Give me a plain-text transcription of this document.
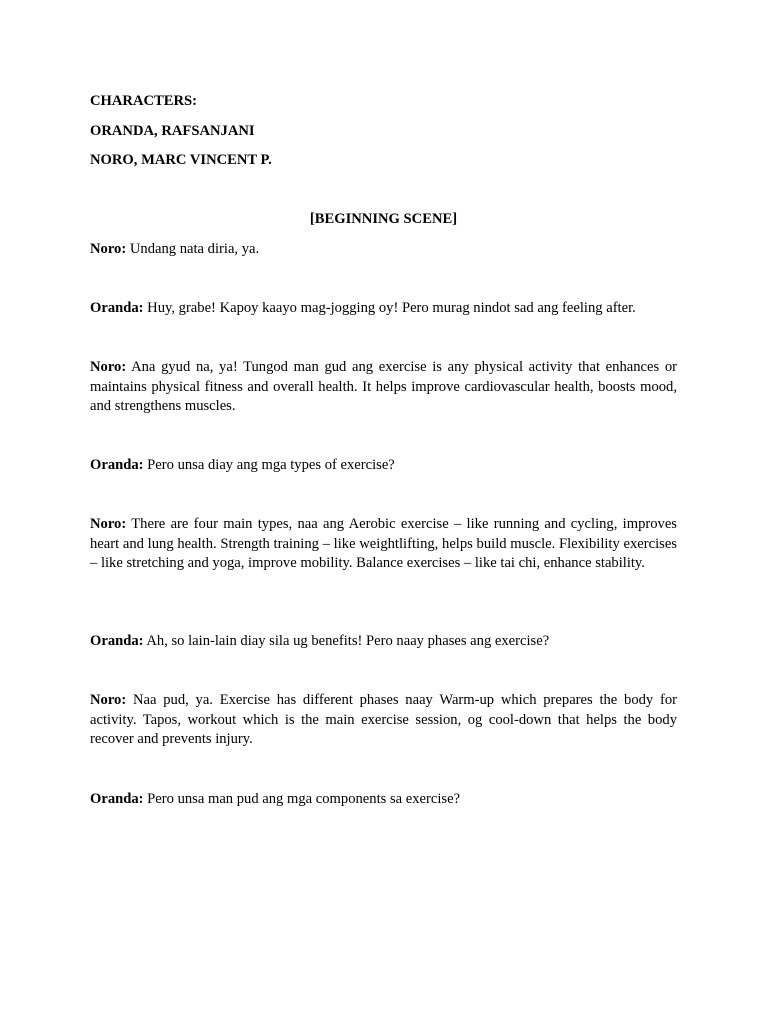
CHARACTERS:

ORANDA, RAFSANJANI

NORO, MARC VINCENT P.

[BEGINNING SCENE]

Noro: Undang nata diria, ya.

Oranda: Huy, grabe! Kapoy kaayo mag-jogging oy! Pero murag nindot sad ang feeling after.

Noro: Ana gyud na, ya! Tungod man gud ang exercise is any physical activity that enhances or maintains physical fitness and overall health. It helps improve cardiovascular health, boosts mood, and strengthens muscles.

Oranda: Pero unsa diay ang mga types of exercise?

Noro: There are four main types, naa ang Aerobic exercise – like running and cycling, improves heart and lung health. Strength training – like weightlifting, helps build muscle. Flexibility exercises – like stretching and yoga, improve mobility. Balance exercises – like tai chi, enhance stability.

Oranda: Ah, so lain-lain diay sila ug benefits! Pero naay phases ang exercise?

Noro: Naa pud, ya. Exercise has different phases naay Warm-up which prepares the body for activity. Tapos, workout which is the main exercise session, og cool-down that helps the body recover and prevents injury.

Oranda: Pero unsa man pud ang mga components sa exercise?
